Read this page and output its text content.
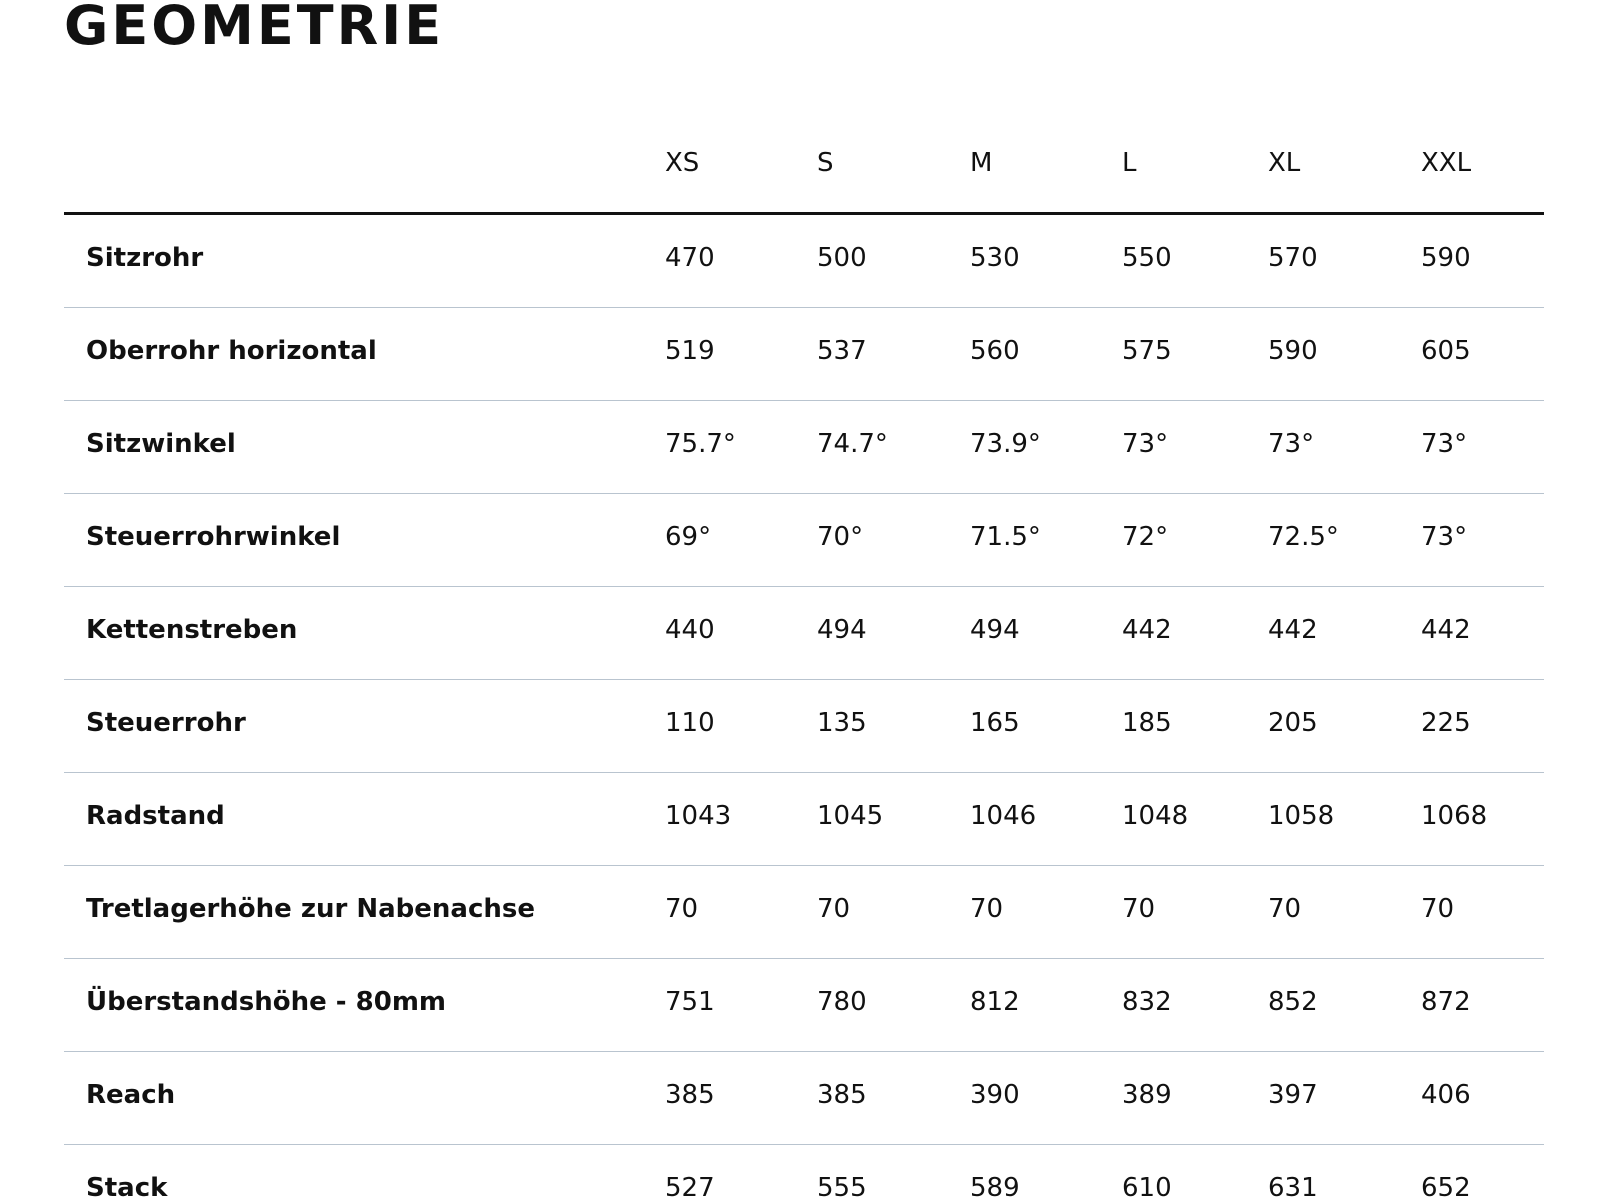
GEOMETRIE
XS	S	M	L	XL	XXL
Sitzrohr	470	500	530	550	570	590
Oberrohr horizontal	519	537	560	575	590	605
Sitzwinkel	75.7°	74.7°	73.9°	73°	73°	73°
Steuerrohrwinkel	69°	70°	71.5°	72°	72.5°	73°
Kettenstreben	440	494	494	442	442	442
Steuerrohr	110	135	165	185	205	225
Radstand	1043	1045	1046	1048	1058	1068
Tretlagerhöhe zur Nabenachse	70	70	70	70	70	70
Überstandshöhe - 80mm	751	780	812	832	852	872
Reach	385	385	390	389	397	406
Stack	527	555	589	610	631	652
